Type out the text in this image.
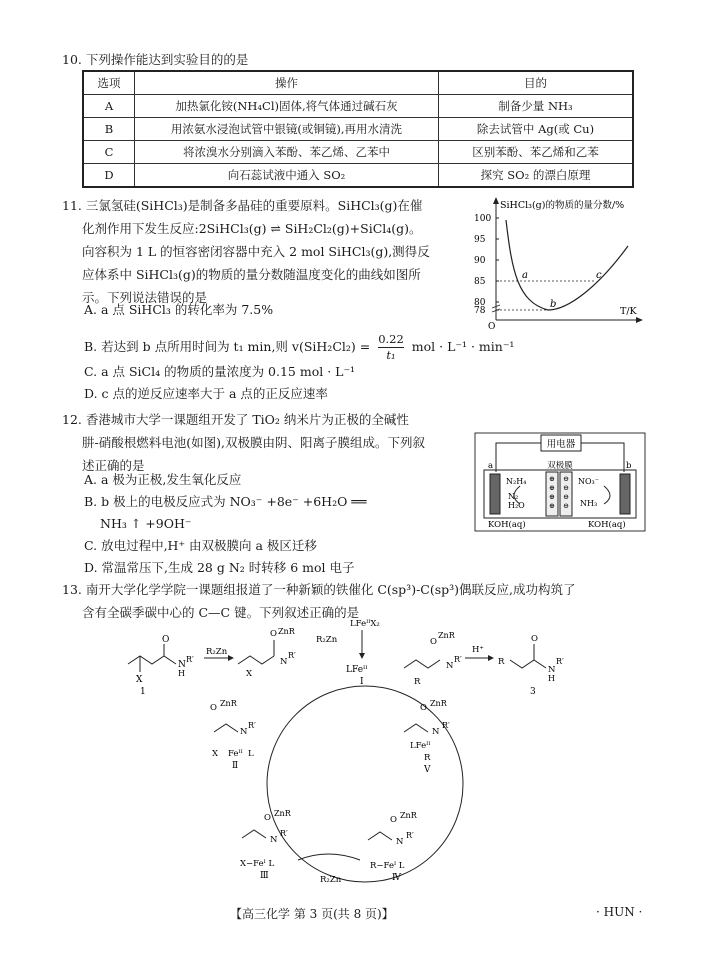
10. 下列操作能达到实验目的的是
选项	操作	目的
A	加热氯化铵(NH₄Cl)固体,将气体通过碱石灰	制备少量 NH₃
B	用浓氨水浸泡试管中银镜(或铜镜),再用水清洗	除去试管中 Ag(或 Cu)
C	将浓溴水分别滴入苯酚、苯乙烯、乙苯中	区别苯酚、苯乙烯和乙苯
D	向石蕊试液中通入 SO₂	探究 SO₂ 的漂白原理
11. 三氯氢硅(SiHCl₃)是制备多晶硅的重要原料。SiHCl₃(g)在催
化剂作用下发生反应:2SiHCl₃(g) ⇌ SiH₂Cl₂(g)+SiCl₄(g)。
向容积为 1 L 的恒容密闭容器中充入 2 mol SiHCl₃(g),测得反
应体系中 SiHCl₃(g)的物质的量分数随温度变化的曲线如图所
示。下列说法错误的是
A. a 点 SiHCl₃ 的转化率为 7.5%
B. 若达到 b 点所用时间为 t₁ min,则 $v(SiH_2Cl_2) = \frac{0.22}{\text{t₁}}$ mol · L⁻¹ · min⁻¹
C. a 点 SiCl₄ 的物质的量浓度为 0.15 mol · L⁻¹
D. c 点的逆反应速率大于 a 点的正反应速率
SiHCl₃(g)的物质的量分数/%
78
80
85
90
95
100
a
b
c
O
T/K
12. 香港城市大学一课题组开发了 TiO₂ 纳米片为正极的全碱性
肼-硝酸根燃料电池(如图),双极膜由阴、阳离子膜组成。下列叙
述正确的是
A. a 极为正极,发生氧化反应
B. b 极上的电极反应式为 NO₃⁻ +8e⁻ +6H₂O ══
NH₃ ↑ +9OH⁻
C. 放电过程中,H⁺ 由双极膜向 a 极区迁移
D. 常温常压下,生成 28 g N₂ 时转移 6 mol 电子
用电器
a	b
双极膜
⊕
⊕
⊕
⊕
⊖
⊖
⊖
⊖
N₂H₄
N₂
H₂O
NO₃⁻
NH₃
KOH(aq)	KOH(aq)
13. 南开大学化学学院一课题组报道了一种新颖的铁催化 C(sp³)-C(sp³)偶联反应,成功构筑了
含有全碳季碳中心的 C—C 键。下列叙述正确的是
O
X
N
H
R′
1
R₂Zn
O ZnR
N
R′
X
R₂Zn
LFeᴵᴵX₂
LFeᴵᴵ
Ⅰ
O
ZnR
N
R′
R
H⁺
R
O
N
H
R′
3
O ZnR
N
R′
X Feᴵᴵ L
Ⅱ
O ZnR
N
R′
X−Feᴵ L
Ⅲ
O ZnR
N
R′
R−Feᴵ L
Ⅳ
R₂Zn
O ZnR
N
R′
LFeᴵᴵ
R
Ⅴ
【高三化学 第 3 页(共 8 页)】	· HUN ·
